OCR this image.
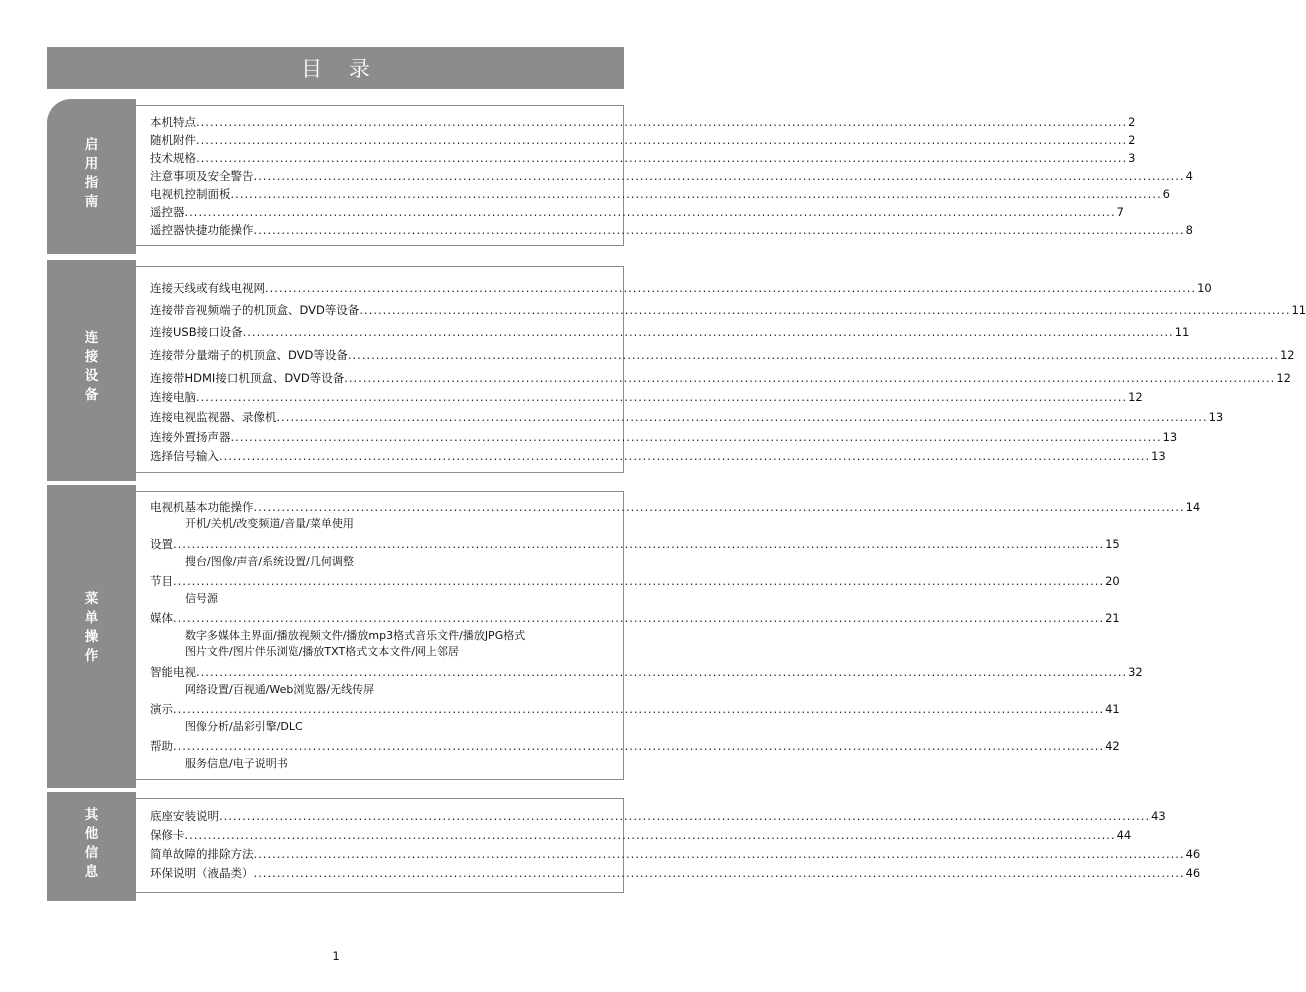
目 录
启
用
指
南
本机特点 ........................................................................................................................................................................................................ 2
随机附件 ........................................................................................................................................................................................................ 2
技术规格 ........................................................................................................................................................................................................ 3
注意事项及安全警告 ........................................................................................................................................................................................................ 4
电视机控制面板 ........................................................................................................................................................................................................ 6
遥控器 ........................................................................................................................................................................................................ 7
遥控器快捷功能操作 ........................................................................................................................................................................................................ 8
连
接
设
备
连接天线或有线电视网 ........................................................................................................................................................................................................ 10
连接带音视频端子的机顶盒、DVD等设备 ........................................................................................................................................................................................................ 11
连接USB接口设备 ........................................................................................................................................................................................................ 11
连接带分量端子的机顶盒、DVD等设备 ........................................................................................................................................................................................................ 12
连接带HDMI接口机顶盒、DVD等设备 ........................................................................................................................................................................................................ 12
连接电脑 ........................................................................................................................................................................................................ 12
连接电视监视器、录像机 ........................................................................................................................................................................................................ 13
连接外置扬声器 ........................................................................................................................................................................................................ 13
选择信号输入 ........................................................................................................................................................................................................ 13
菜
单
操
作
电视机基本功能操作 ........................................................................................................................................................................................................ 14
开机/关机/改变频道/音量/菜单使用
设置 ........................................................................................................................................................................................................ 15
搜台/图像/声音/系统设置/几何调整
节目 ........................................................................................................................................................................................................ 20
信号源
媒体 ........................................................................................................................................................................................................ 21
数字多媒体主界面/播放视频文件/播放mp3格式音乐文件/播放JPG格式
图片文件/图片伴乐浏览/播放TXT格式文本文件/网上邻居
智能电视 ........................................................................................................................................................................................................ 32
网络设置/百视通/Web浏览器/无线传屏
演示 ........................................................................................................................................................................................................ 41
图像分析/晶彩引擎/DLC
帮助 ........................................................................................................................................................................................................ 42
服务信息/电子说明书
其
他
信
息
底座安装说明 ........................................................................................................................................................................................................ 43
保修卡 ........................................................................................................................................................................................................ 44
简单故障的排除方法 ........................................................................................................................................................................................................ 46
环保说明（液晶类） ........................................................................................................................................................................................................ 46
1
